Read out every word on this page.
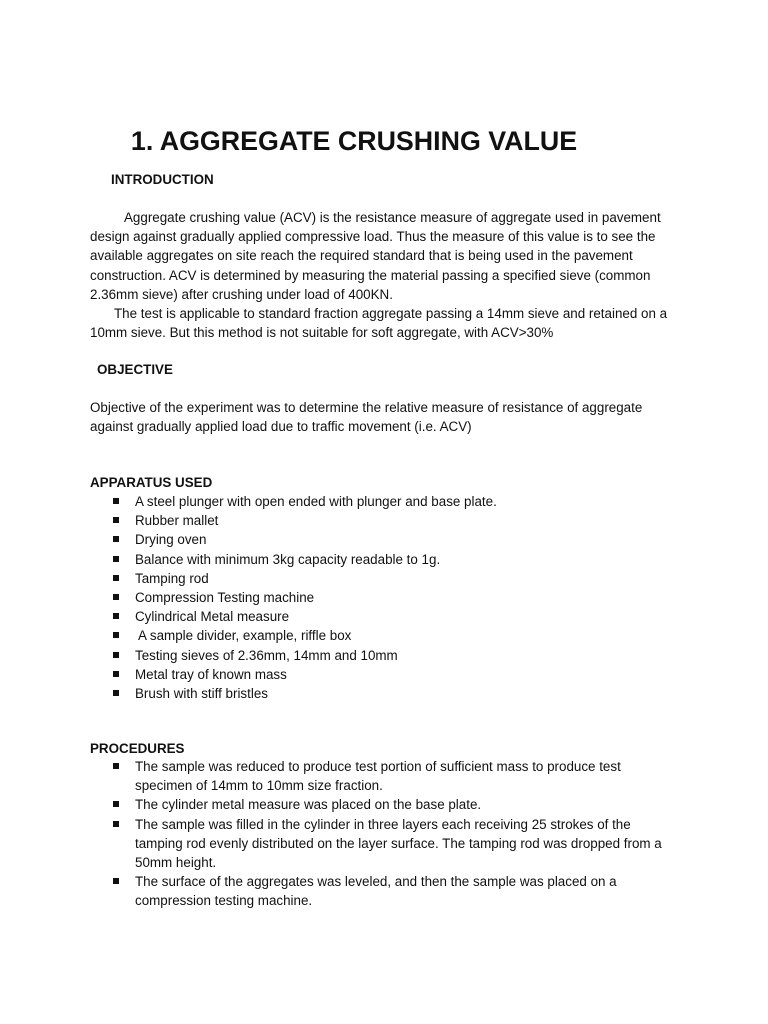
1. AGGREGATE CRUSHING VALUE
INTRODUCTION

Aggregate crushing value (ACV) is the resistance measure of aggregate used in pavement design against gradually applied compressive load. Thus the measure of this value is to see the available aggregates on site reach the required standard that is being used in the pavement construction. ACV is determined by measuring the material passing a specified sieve (common 2.36mm sieve) after crushing under load of 400KN.

The test is applicable to standard fraction aggregate passing a 14mm sieve and retained on a 10mm sieve. But this method is not suitable for soft aggregate, with ACV>30%

OBJECTIVE

Objective of the experiment was to determine the relative measure of resistance of aggregate against gradually applied load due to traffic movement (i.e. ACV)

APPARATUS USED
A steel plunger with open ended with plunger and base plate.
Rubber mallet
Drying oven
Balance with minimum 3kg capacity readable to 1g.
Tamping rod
Compression Testing machine
Cylindrical Metal measure
A sample divider, example, riffle box
Testing sieves of 2.36mm, 14mm and 10mm
Metal tray of known mass
Brush with stiff bristles
PROCEDURES
The sample was reduced to produce test portion of sufficient mass to produce test specimen of 14mm to 10mm size fraction.
The cylinder metal measure was placed on the base plate.
The sample was filled in the cylinder in three layers each receiving 25 strokes of the tamping rod evenly distributed on the layer surface. The tamping rod was dropped from a 50mm height.
The surface of the aggregates was leveled, and then the sample was placed on a compression testing machine.
